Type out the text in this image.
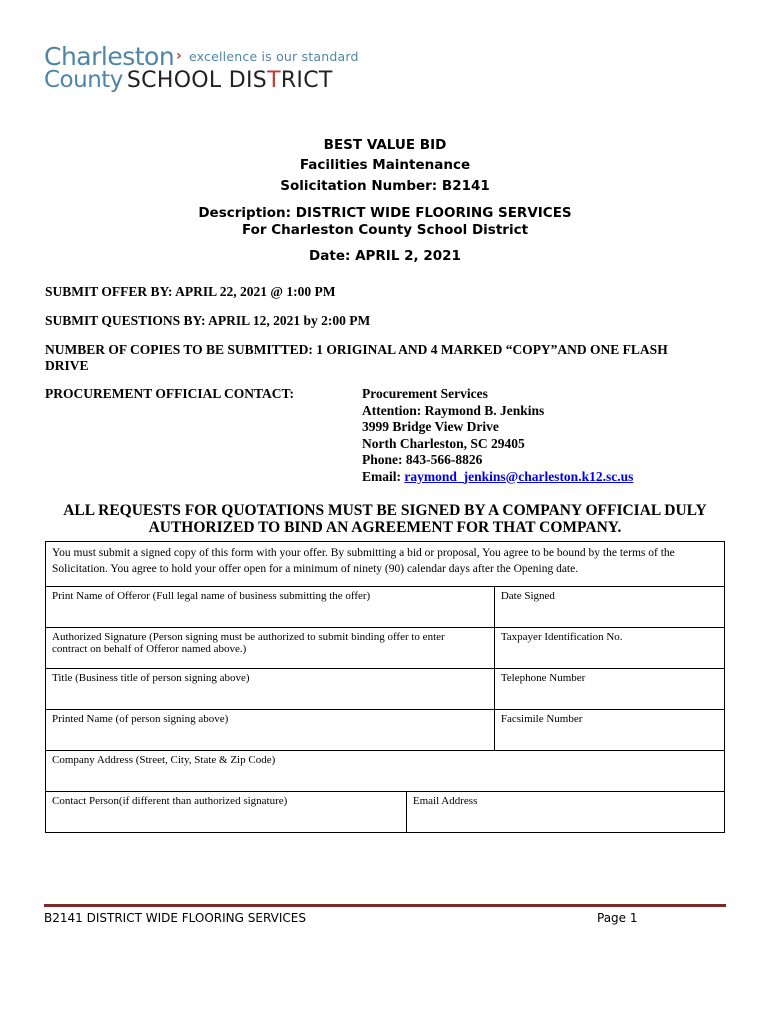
Charleston › excellence is our standard
County SCHOOL DISTRICT
BEST VALUE BID
Facilities Maintenance
Solicitation Number: B2141
Description: DISTRICT WIDE FLOORING SERVICES
For Charleston County School District
Date: APRIL 2, 2021
SUBMIT OFFER BY: APRIL 22, 2021 @ 1:00 PM
SUBMIT QUESTIONS BY: APRIL 12, 2021 by 2:00 PM
NUMBER OF COPIES TO BE SUBMITTED: 1 ORIGINAL AND 4 MARKED “COPY”AND ONE FLASH
DRIVE
PROCUREMENT OFFICIAL CONTACT:	Procurement Services
Attention: Raymond B. Jenkins
3999 Bridge View Drive
North Charleston, SC 29405
Phone: 843-566-8826
Email: raymond_jenkins@charleston.k12.sc.us
ALL REQUESTS FOR QUOTATIONS MUST BE SIGNED BY A COMPANY OFFICIAL DULY
AUTHORIZED TO BIND AN AGREEMENT FOR THAT COMPANY.
You must submit a signed copy of this form with your offer. By submitting a bid or proposal, You agree to be bound by the terms of the Solicitation. You agree to hold your offer open for a minimum of ninety (90) calendar days after the Opening date.		
Print Name of Offeror (Full legal name of business submitting the offer)		Date Signed

Authorized Signature (Person signing must be authorized to submit binding offer to enter contract on behalf of Offeror named above.)		Taxpayer Identification No.
Title (Business title of person signing above)		Telephone Number
Printed Name (of person signing above)		Facsimile Number
Company Address (Street, City, State & Zip Code)		
Contact Person(if different than authorized signature)	Email Address	
B2141 DISTRICT WIDE FLOORING SERVICES	Page 1
